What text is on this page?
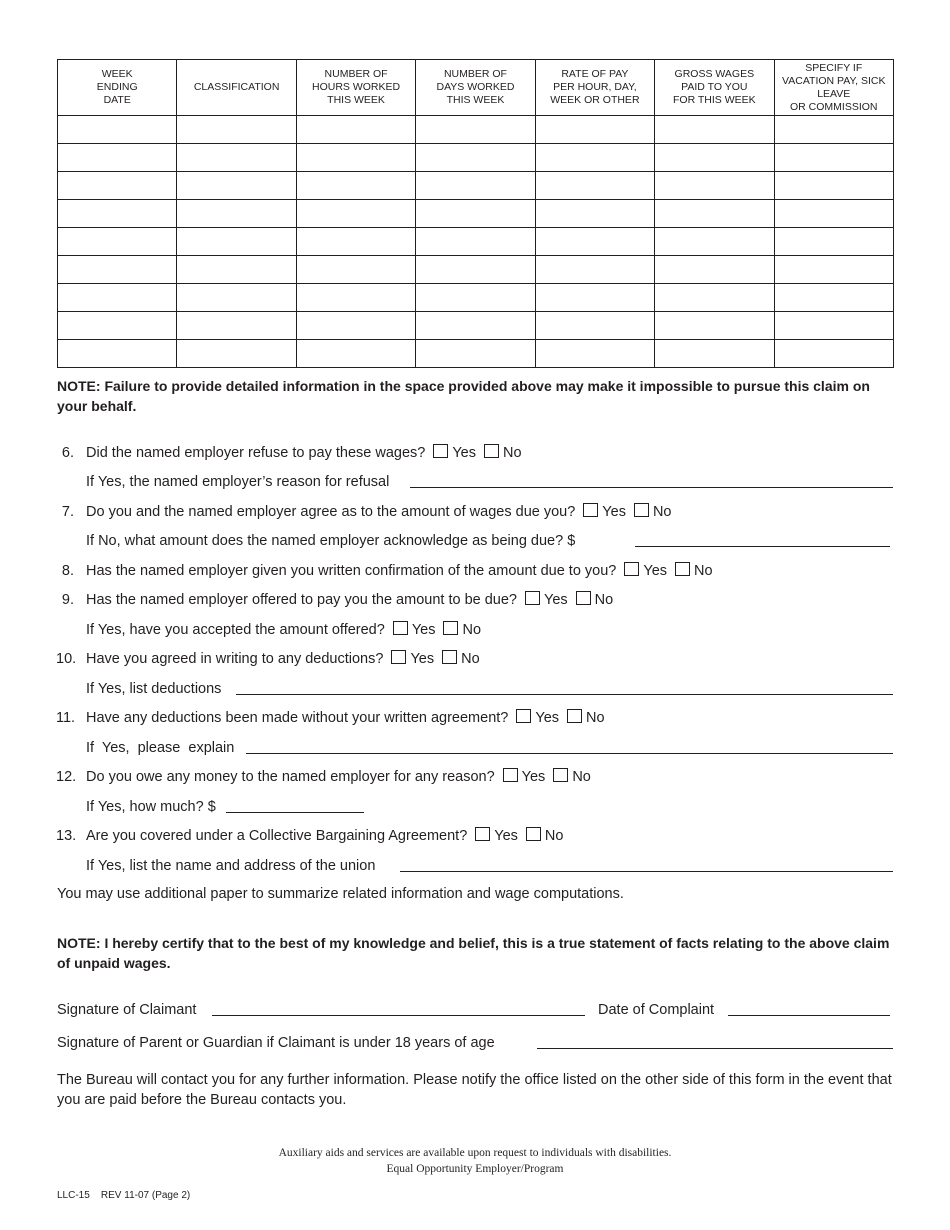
WEEK
ENDING
DATE	CLASSIFICATION	NUMBER OF
HOURS WORKED
THIS WEEK	NUMBER OF
DAYS WORKED
THIS WEEK	RATE OF PAY
PER HOUR, DAY,
WEEK OR OTHER	GROSS WAGES
PAID TO YOU
FOR THIS WEEK	SPECIFY IF
VACATION PAY, SICK LEAVE
OR COMMISSION

NOTE: Failure to provide detailed information in the space provided above may make it impossible to pursue this claim on your behalf.
6. Did the named employer refuse to pay these wages? Yes No
If Yes, the named employer’s reason for refusal
7. Do you and the named employer agree as to the amount of wages due you? Yes No
If No, what amount does the named employer acknowledge as being due? $
8. Has the named employer given you written confirmation of the amount due to you? Yes No
9. Has the named employer offered to pay you the amount to be due? Yes No
If Yes, have you accepted the amount offered? Yes No
10. Have you agreed in writing to any deductions? Yes No
If Yes, list deductions
11. Have any deductions been made without your written agreement? Yes No
If  Yes,  please  explain
12. Do you owe any money to the named employer for any reason? Yes No
If Yes, how much? $
13. Are you covered under a Collective Bargaining Agreement? Yes No
If Yes, list the name and address of the union
You may use additional paper to summarize related information and wage computations.
NOTE: I hereby certify that to the best of my knowledge and belief, this is a true statement of facts relating to the above claim of unpaid wages.
Signature of Claimant	Date of Complaint
Signature of Parent or Guardian if Claimant is under 18 years of age
The Bureau will contact you for any further information. Please notify the office listed on the other side of this form in the event that you are paid before the Bureau contacts you.
Auxiliary aids and services are available upon request to individuals with disabilities.
Equal Opportunity Employer/Program
LLC-15    REV 11-07 (Page 2)
